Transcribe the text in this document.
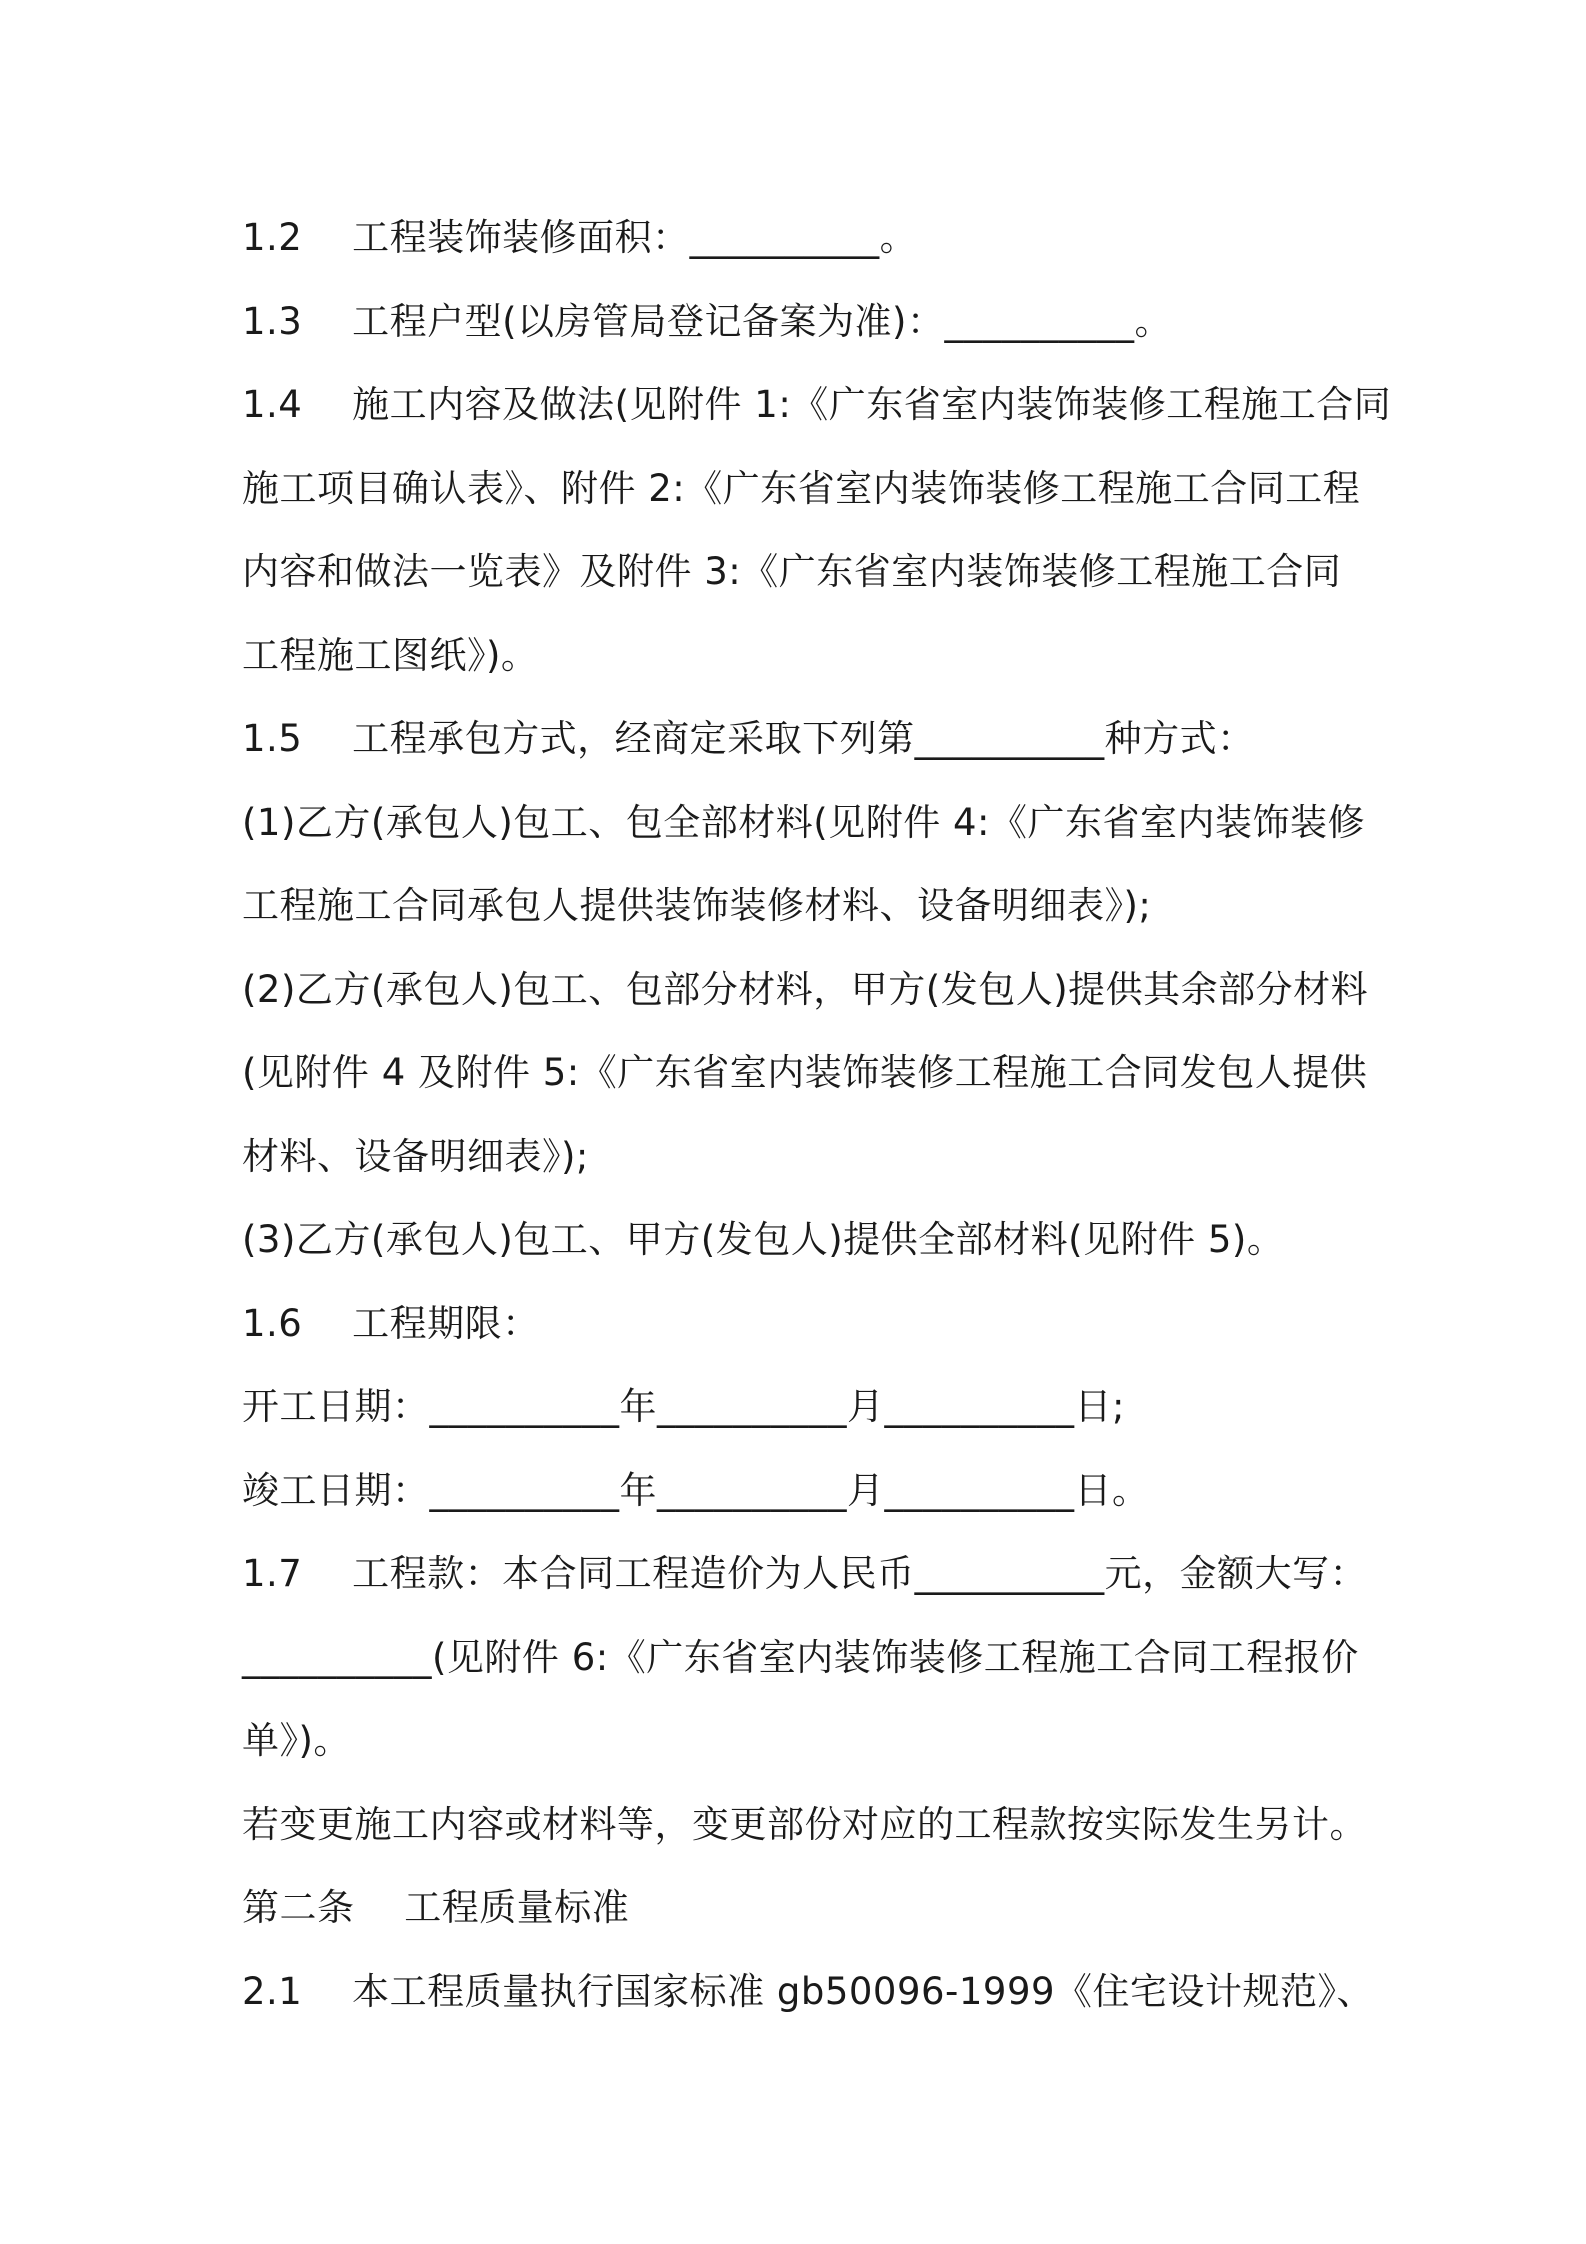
1.2　 工程装饰装修面积：__________。
1.3　 工程户型(以房管局登记备案为准)：__________。
1.4　 施工内容及做法(见附件 1:《广东省室内装饰装修工程施工合同
施工项目确认表》、附件 2:《广东省室内装饰装修工程施工合同工程
内容和做法一览表》及附件 3:《广东省室内装饰装修工程施工合同
工程施工图纸》)。
1.5　 工程承包方式，经商定采取下列第__________种方式：
(1)乙方(承包人)包工、包全部材料(见附件 4:《广东省室内装饰装修
工程施工合同承包人提供装饰装修材料、设备明细表》);
(2)乙方(承包人)包工、包部分材料，甲方(发包人)提供其余部分材料
(见附件 4 及附件 5:《广东省室内装饰装修工程施工合同发包人提供
材料、设备明细表》);
(3)乙方(承包人)包工、甲方(发包人)提供全部材料(见附件 5)。
1.6　 工程期限：
开工日期：__________年__________月__________日;
竣工日期：__________年__________月__________日。
1.7　 工程款：本合同工程造价为人民币__________元，金额大写：
__________(见附件 6:《广东省室内装饰装修工程施工合同工程报价
单》)。
若变更施工内容或材料等，变更部份对应的工程款按实际发生另计。
第二条　 工程质量标准
2.1　 本工程质量执行国家标准 gb50096-1999《住宅设计规范》、
